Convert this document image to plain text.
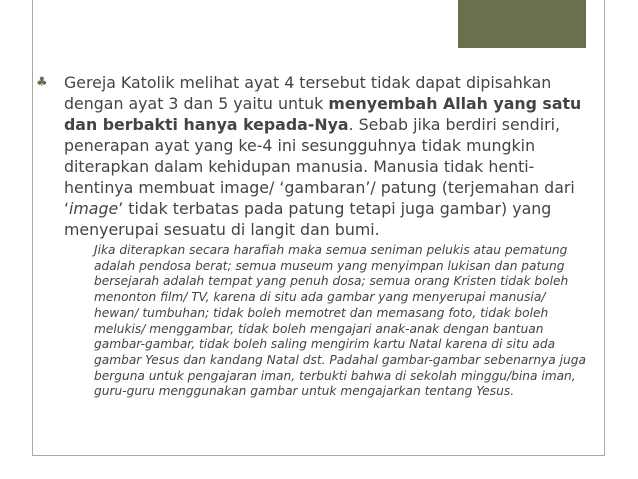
♣	Gereja Katolik melihat ayat 4 tersebut tidak dapat dipisahkan dengan ayat 3 dan 5 yaitu untuk menyembah Allah yang satu dan berbakti hanya kepada-Nya. Sebab jika berdiri sendiri, penerapan ayat yang ke-4 ini sesungguhnya tidak mungkin diterapkan dalam kehidupan manusia. Manusia tidak henti-hentinya membuat image/ ‘gambaran’/ patung (terjemahan dari ‘image’ tidak terbatas pada patung tetapi juga gambar) yang menyerupai sesuatu di langit dan bumi.

Jika diterapkan secara harafiah maka semua seniman pelukis atau pematung adalah pendosa berat; semua museum yang menyimpan lukisan dan patung bersejarah adalah tempat yang penuh dosa; semua orang Kristen tidak boleh menonton film/ TV, karena di situ ada gambar yang menyerupai manusia/ hewan/ tumbuhan; tidak boleh memotret dan memasang foto, tidak boleh melukis/ menggambar, tidak boleh mengajari anak-anak dengan bantuan gambar-gambar, tidak boleh saling mengirim kartu Natal karena di situ ada gambar Yesus dan kandang Natal dst. Padahal gambar-gambar sebenarnya juga berguna untuk pengajaran iman, terbukti bahwa di sekolah minggu/bina iman, guru-guru menggunakan gambar untuk mengajarkan tentang Yesus.
